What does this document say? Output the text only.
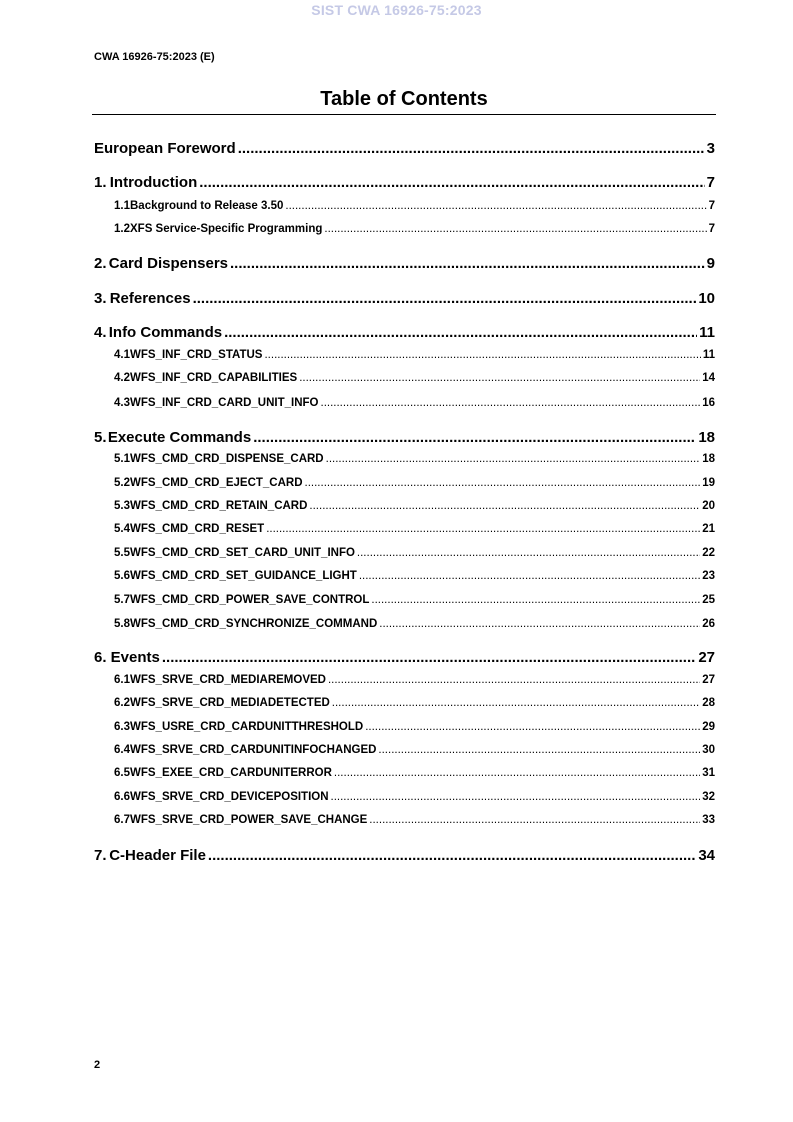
SIST CWA 16926-75:2023
CWA 16926-75:2023 (E)
Table of Contents
European Foreword .....	3
1. Introduction .....	7
1.1 Background to Release 3.50 .....	7
1.2 XFS Service-Specific Programming .....	7
2. Card Dispensers .....	9
3. References .....	10
4. Info Commands .....	11
4.1 WFS_INF_CRD_STATUS .....	11
4.2 WFS_INF_CRD_CAPABILITIES .....	14
4.3 WFS_INF_CRD_CARD_UNIT_INFO .....	16
5. Execute Commands .....	18
5.1 WFS_CMD_CRD_DISPENSE_CARD .....	18
5.2 WFS_CMD_CRD_EJECT_CARD .....	19
5.3 WFS_CMD_CRD_RETAIN_CARD .....	20
5.4 WFS_CMD_CRD_RESET .....	21
5.5 WFS_CMD_CRD_SET_CARD_UNIT_INFO .....	22
5.6 WFS_CMD_CRD_SET_GUIDANCE_LIGHT .....	23
5.7 WFS_CMD_CRD_POWER_SAVE_CONTROL .....	25
5.8 WFS_CMD_CRD_SYNCHRONIZE_COMMAND .....	26
6. Events .....	27
6.1 WFS_SRVE_CRD_MEDIAREMOVED .....	27
6.2 WFS_SRVE_CRD_MEDIADETECTED .....	28
6.3 WFS_USRE_CRD_CARDUNITTHRESHOLD .....	29
6.4 WFS_SRVE_CRD_CARDUNITINFOCHANGED .....	30
6.5 WFS_EXEE_CRD_CARDUNITERROR .....	31
6.6 WFS_SRVE_CRD_DEVICEPOSITION .....	32
6.7 WFS_SRVE_CRD_POWER_SAVE_CHANGE .....	33
7. C-Header File .....	34
2
